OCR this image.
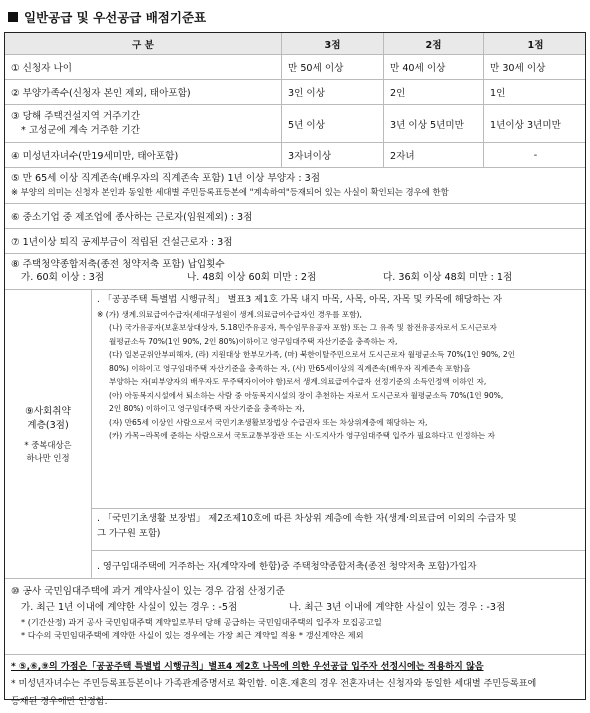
일반공급 및 우선공급 배점기준표
구 분	3점	2점	1점
① 신청자 나이	만 50세 이상	만 40세 이상	만 30세 이상
② 부양가족수(신청자 본인 제외, 태아포함)	3인 이상	2인	1인
③ 당해 주택건설지역 거주기간
* 고성군에 계속 거주한 기간	5년 이상	3년 이상 5년미만	1년이상 3년미만
④ 미성년자녀수(만19세미만, 태아포함)	3자녀이상	2자녀	-
⑤ 만 65세 이상 직계존속(배우자의 직계존속 포함) 1년 이상 부양자 : 3점
※ 부양의 의미는 신청자 본인과 동일한 세대별 주민등록표등본에 "계속하여"등재되어 있는 사실이 확인되는 경우에 한함
⑥ 중소기업 중 제조업에 종사하는 근로자(임원제외) : 3점
⑦ 1년이상 퇴직 공제부금이 적립된 건설근로자 : 3점
⑧ 주택청약종합저축(종전 청약저축 포함) 납입횟수
가. 60회 이상 : 3점	나. 48회 이상 60회 미만 : 2점	다. 36회 이상 48회 미만 : 1점
⑨사회취약
계층(3점)
* 중복대상은
하나만 인정
. 「공공주택 특별법 시행규칙」 별표3 제1호 가목 내지 마목, 사목, 아목, 자목 및 카목에 해당하는 자
※ (가) 생계.의료급여수급자(세대구성원이 생계.의료급여수급자인 경우를 포함),
(나) 국가유공자(보훈보상대상자, 5.18민주유공자, 특수임무유공자 포함) 또는 그 유족 및 참전유공자로서 도시근로자
월평균소득 70%(1인 90%, 2인 80%)이하이고 영구임대주택 자산기준을 충족하는 자,
(다) 일본군위안부피해자, (라) 지원대상 한부모가족, (마) 북한이탈주민으로서 도시근로자 월평균소득 70%(1인 90%, 2인
80%) 이하이고 영구임대주택 자산기준을 충족하는 자, (사) 만65세이상의 직계존속(배우자 직계존속 포함)을
부양하는 자(피부양자의 배우자도 무주택자이어야 함)로서 생계.의료급여수급자 선정기준의 소득인정액 이하인 자,
(아) 아동복지시설에서 퇴소하는 사람 중 아동복지시설의 장이 추천하는 자로서 도시근로자 월평균소득 70%(1인 90%,
2인 80%) 이하이고 영구임대주택 자산기준을 충족하는 자,
(자) 만65세 이상인 사람으로서 국민기초생활보장법상 수급권자 또는 차상위계층에 해당하는 자,
(카) 가목~라목에 준하는 사람으로서 국토교통부장관 또는 시·도지사가 영구임대주택 입주가 필요하다고 인정하는 자
. 「국민기초생활 보장법」 제2조제10호에 따른 차상위 계층에 속한 자(생계·의료급여 이외의 수급자 및
그 가구원 포함)
. 영구임대주택에 거주하는 자(계약자에 한함)중 주택청약종합저축(종전 청약저축 포함)가입자
⑩ 공사 국민임대주택에 과거 계약사실이 있는 경우 감점 산정기준
가. 최근 1년 이내에 계약한 사실이 있는 경우 : -5점	나. 최근 3년 이내에 계약한 사실이 있는 경우 : -3점
* (기간산정) 과거 공사 국민임대주택 계약일로부터 당해 공급하는 국민임대주택의 입주자 모집공고일
* 다수의 국민임대주택에 계약한 사실이 있는 경우에는 가장 최근 계약일 적용 * 갱신계약은 제외
* ⑤,⑥,⑨의 가점은「공공주택 특별법 시행규칙」별표4 제2호 나목에 의한 우선공급 입주자 선정시에는 적용하지 않음
* 미성년자녀수는 주민등록표등본이나 가족관계증명서로 확인함. 이혼.재혼의 경우 전혼자녀는 신청자와 동일한 세대별 주민등록표에
등재된 경우에만 인정함.
